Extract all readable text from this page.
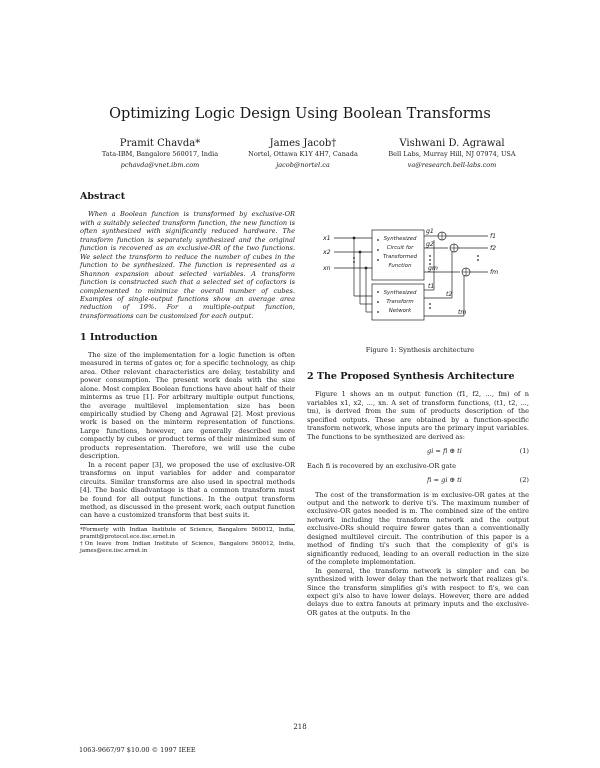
Optimizing Logic Design Using Boolean Transforms
Pramit Chavda*
Tata-IBM, Bangalore 560017, India
pchavda@vnet.ibm.com
James Jacob†
Nortel, Ottawa K1Y 4H7, Canada
jacob@nortel.ca
Vishwani D. Agrawal
Bell Labs, Murray Hill, NJ 07974, USA
va@research.bell-labs.com
Abstract

When a Boolean function is transformed by exclusive-OR with a suitably selected transform function, the new function is often synthesized with significantly reduced hardware. The transform function is separately synthesized and the original function is recovered as an exclusive-OR of the two functions. We select the transform to reduce the number of cubes in the function to be synthesized. The function is represented as a Shannon expansion about selected variables. A transform function is constructed such that a selected set of cofactors is complemented to minimize the overall number of cubes. Examples of single-output functions show an average area reduction of 19%. For a multiple-output function, transformations can be customized for each output.

1 Introduction

The size of the implementation for a logic function is often measured in terms of gates or, for a specific technology, as chip area. Other relevant characteristics are delay, testability and power consumption. The present work deals with the size alone. Most complex Boolean functions have about half of their minterms as true [1]. For arbitrary multiple output functions, the average multilevel implementation size has been empirically studied by Cheng and Agrawal [2]. Most previous work is based on the minterm representation of functions. Large functions, however, are generally described more compactly by cubes or product terms of their minimized sum of products representation. Therefore, we will use the cube description.

In a recent paper [3], we proposed the use of exclusive-OR transforms on input variables for adder and comparator circuits. Similar transforms are also used in spectral methods [4]. The basic disadvantage is that a common transform must be found for all output functions. In the output transform method, as discussed in the present work, each output function can have a customized transform that best suits it.

*Formerly with Indian Institute of Science, Bangalore 560012, India, pramit@protocol.ece.iisc.ernet.in
†On leave from Indian Institute of Science, Bangalore 560012, India, james@ece.iisc.ernet.in
x1
x2
xn
g1
g2
gm
f1
f2
fm
t1
t2
tm
Synthesized
Circuit for
Transformed
Function
Synthesized
Transform
Network
Figure 1: Synthesis architecture
2 The Proposed Synthesis Architecture

Figure 1 shows an m output function (f1, f2, ..., fm) of n variables x1, x2, ..., xn. A set of transform functions, (t1, t2, ..., tm), is derived from the sum of products description of the specified outputs. These are obtained by a function-specific transform network, whose inputs are the primary input variables. The functions to be synthesized are derived as:

gi = fi ⊕ ti	(1)

Each fi is recovered by an exclusive-OR gate

fi = gi ⊕ ti	(2)

The cost of the transformation is m exclusive-OR gates at the output and the network to derive ti's. The maximum number of exclusive-OR gates needed is m. The combined size of the entire network including the transform network and the output exclusive-ORs should require fewer gates than a conventionally designed multilevel circuit. The contribution of this paper is a method of finding ti's such that the complexity of gi's is significantly reduced, leading to an overall reduction in the size of the complete implementation.

In general, the transform network is simpler and can be synthesized with lower delay than the network that realizes gi's. Since the transform simplifies gi's with respect to fi's, we can expect gi's also to have lower delays. However, there are added delays due to extra fanouts at primary inputs and the exclusive-OR gates at the outputs. In the

218
1063-9667/97 $10.00 © 1997 IEEE
